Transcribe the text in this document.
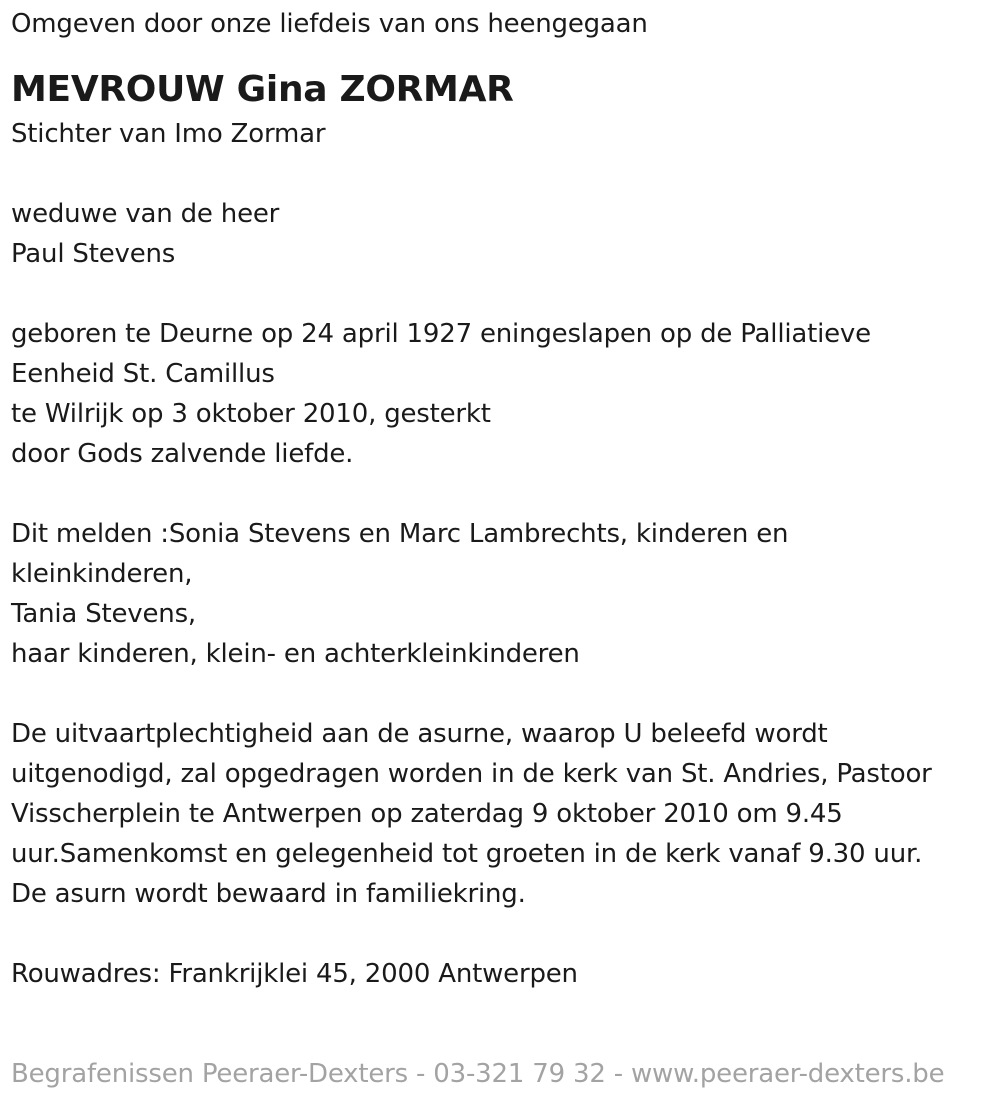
Omgeven door onze liefdeis van ons heengegaan
MEVROUW Gina ZORMAR
Stichter van Imo Zormar
weduwe van de heer
Paul Stevens
geboren te Deurne op 24 april 1927 eningeslapen op de Palliatieve
Eenheid St. Camillus
te Wilrijk op 3 oktober 2010, gesterkt
door Gods zalvende liefde.
Dit melden :Sonia Stevens en Marc Lambrechts, kinderen en
kleinkinderen,
Tania Stevens,
haar kinderen, klein- en achterkleinkinderen
De uitvaartplechtigheid aan de asurne, waarop U beleefd wordt
uitgenodigd, zal opgedragen worden in de kerk van St. Andries, Pastoor
Visscherplein te Antwerpen op zaterdag 9 oktober 2010 om 9.45
uur.Samenkomst en gelegenheid tot groeten in de kerk vanaf 9.30 uur.
De asurn wordt bewaard in familiekring.
Rouwadres: Frankrijklei 45, 2000 Antwerpen
Begrafenissen Peeraer-Dexters - 03-321 79 32 - www.peeraer-dexters.be
